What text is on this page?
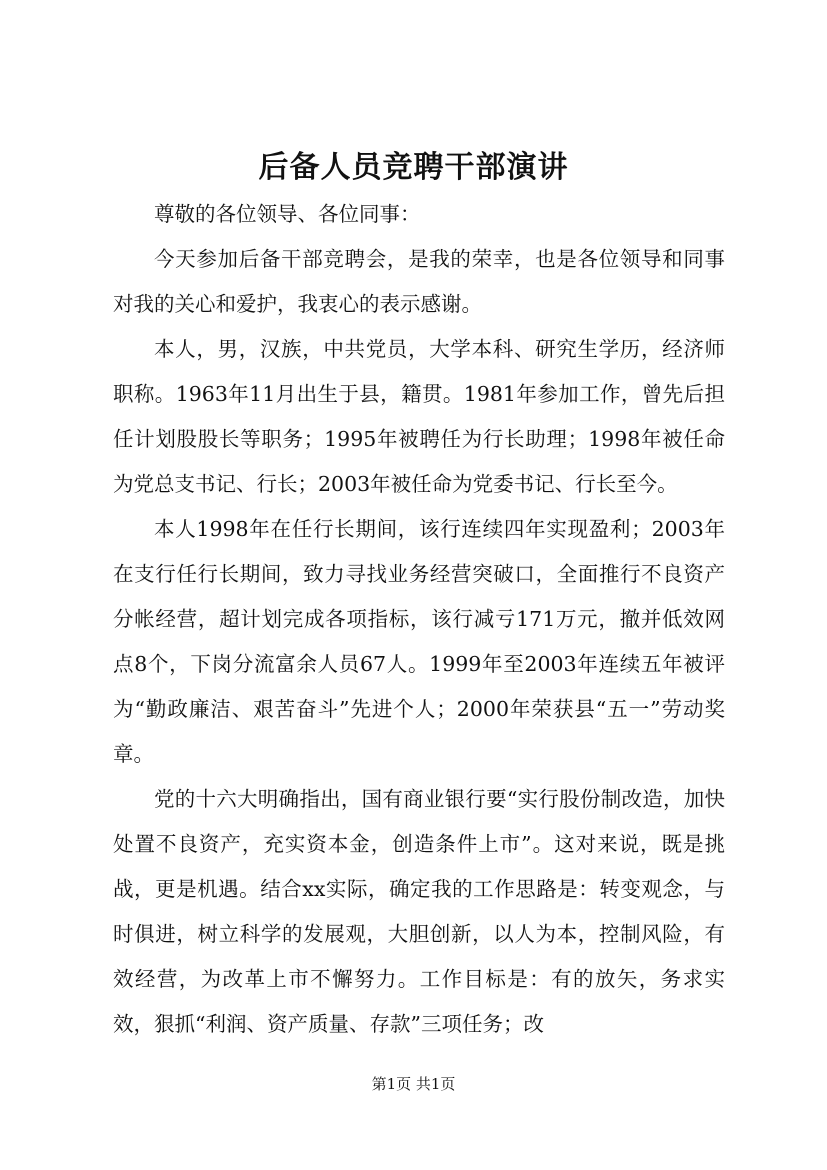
后备人员竞聘干部演讲

尊敬的各位领导、各位同事：

今天参加后备干部竞聘会，是我的荣幸，也是各位领导和同事对我的关心和爱护，我衷心的表示感谢。

本人，男，汉族，中共党员，大学本科、研究生学历，经济师职称。1963年11月出生于县，籍贯。1981年参加工作，曾先后担任计划股股长等职务；1995年被聘任为行长助理；1998年被任命为党总支书记、行长；2003年被任命为党委书记、行长至今。

本人1998年在任行长期间，该行连续四年实现盈利；2003年在支行任行长期间，致力寻找业务经营突破口，全面推行不良资产分帐经营，超计划完成各项指标，该行减亏171万元，撤并低效网点8个，下岗分流富余人员67人。1999年至2003年连续五年被评为“勤政廉洁、艰苦奋斗”先进个人；2000年荣获县“五一”劳动奖章。

党的十六大明确指出，国有商业银行要“实行股份制改造，加快处置不良资产，充实资本金，创造条件上市”。这对来说，既是挑战，更是机遇。结合xx实际，确定我的工作思路是：转变观念，与时俱进，树立科学的发展观，大胆创新，以人为本，控制风险，有效经营，为改革上市不懈努力。工作目标是：有的放矢，务求实效，狠抓“利润、资产质量、存款”三项任务；改

第1页 共1页
